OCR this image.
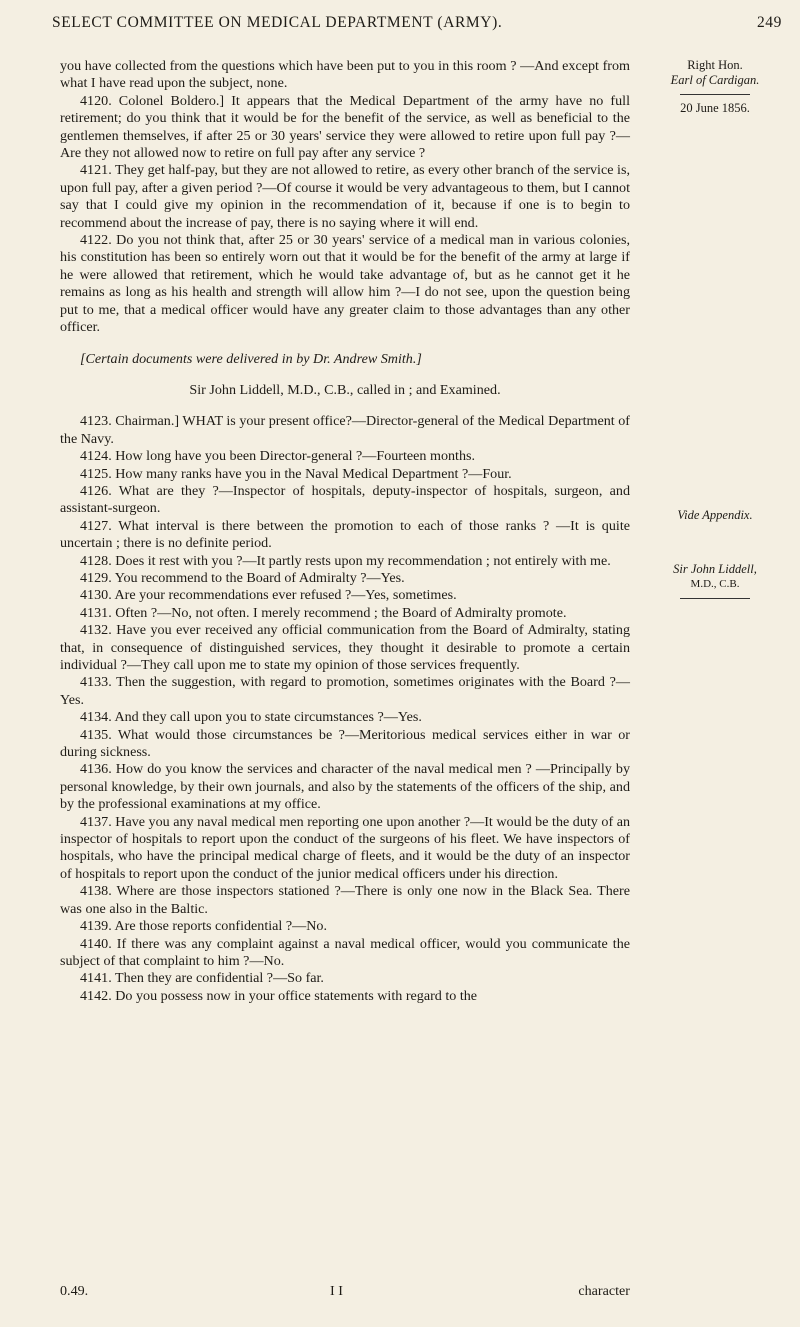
SELECT COMMITTEE ON MEDICAL DEPARTMENT (ARMY).	249
Right Hon.
Earl of Cardigan.
20 June 1856.
Vide Appendix.
Sir John Liddell,
M.D., C.B.

you have collected from the questions which have been put to you in this room ? —And except from what I have read upon the subject, none.

4120. Colonel Boldero.] It appears that the Medical Department of the army have no full retirement; do you think that it would be for the benefit of the service, as well as beneficial to the gentlemen themselves, if after 25 or 30 years' service they were allowed to retire upon full pay ?—Are they not allowed now to retire on full pay after any service ?

4121. They get half-pay, but they are not allowed to retire, as every other branch of the service is, upon full pay, after a given period ?—Of course it would be very advantageous to them, but I cannot say that I could give my opinion in the recommendation of it, because if one is to begin to recommend about the increase of pay, there is no saying where it will end.

4122. Do you not think that, after 25 or 30 years' service of a medical man in various colonies, his constitution has been so entirely worn out that it would be for the benefit of the army at large if he were allowed that retirement, which he would take advantage of, but as he cannot get it he remains as long as his health and strength will allow him ?—I do not see, upon the question being put to me, that a medical officer would have any greater claim to those advantages than any other officer.

[Certain documents were delivered in by Dr. Andrew Smith.]

Sir John Liddell, M.D., C.B., called in ; and Examined.

4123. Chairman.] WHAT is your present office?—Director-general of the Medical Department of the Navy.

4124. How long have you been Director-general ?—Fourteen months.

4125. How many ranks have you in the Naval Medical Department ?—Four.

4126. What are they ?—Inspector of hospitals, deputy-inspector of hospitals, surgeon, and assistant-surgeon.

4127. What interval is there between the promotion to each of those ranks ? —It is quite uncertain ; there is no definite period.

4128. Does it rest with you ?—It partly rests upon my recommendation ; not entirely with me.

4129. You recommend to the Board of Admiralty ?—Yes.

4130. Are your recommendations ever refused ?—Yes, sometimes.

4131. Often ?—No, not often. I merely recommend ; the Board of Admiralty promote.

4132. Have you ever received any official communication from the Board of Admiralty, stating that, in consequence of distinguished services, they thought it desirable to promote a certain individual ?—They call upon me to state my opinion of those services frequently.

4133. Then the suggestion, with regard to promotion, sometimes originates with the Board ?—Yes.

4134. And they call upon you to state circumstances ?—Yes.

4135. What would those circumstances be ?—Meritorious medical services either in war or during sickness.

4136. How do you know the services and character of the naval medical men ? —Principally by personal knowledge, by their own journals, and also by the statements of the officers of the ship, and by the professional examinations at my office.

4137. Have you any naval medical men reporting one upon another ?—It would be the duty of an inspector of hospitals to report upon the conduct of the surgeons of his fleet. We have inspectors of hospitals, who have the principal medical charge of fleets, and it would be the duty of an inspector of hospitals to report upon the conduct of the junior medical officers under his direction.

4138. Where are those inspectors stationed ?—There is only one now in the Black Sea. There was one also in the Baltic.

4139. Are those reports confidential ?—No.

4140. If there was any complaint against a naval medical officer, would you communicate the subject of that complaint to him ?—No.

4141. Then they are confidential ?—So far.

4142. Do you possess now in your office statements with regard to the

0.49.	I I	character
